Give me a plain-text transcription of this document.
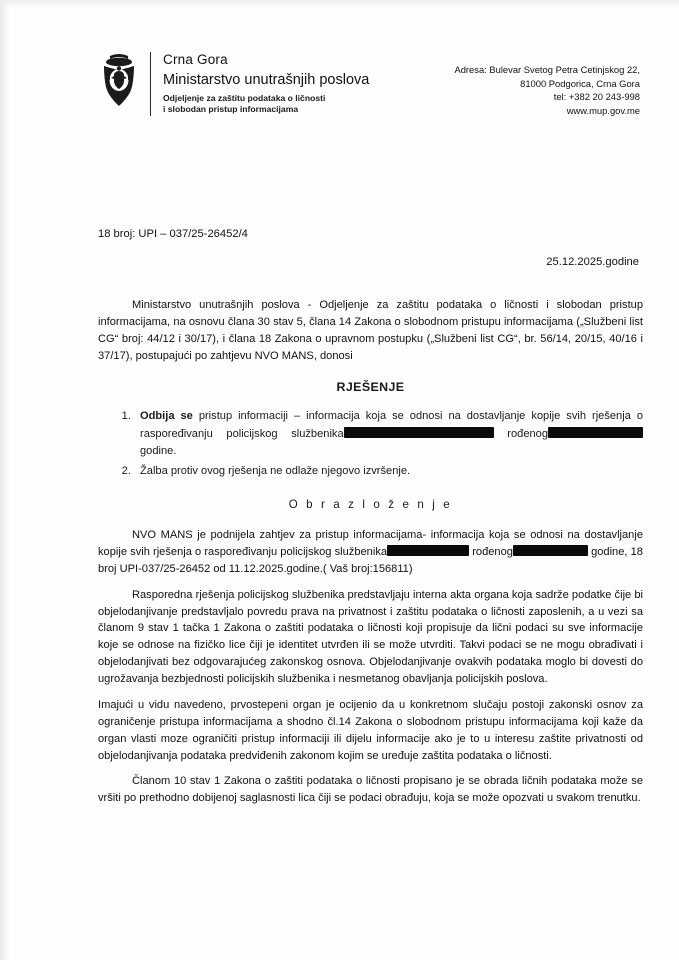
Crna Gora
Ministarstvo unutrašnjih poslova
Odjeljenje za zaštitu podataka o ličnosti
i slobodan pristup informacijama
Adresa: Bulevar Svetog Petra Cetinjskog 22,
81000 Podgorica, Crna Gora
tel: +382 20 243-998
www.mup.gov.me
18 broj: UPI – 037/25-26452/4
25.12.2025.godine

Ministarstvo unutrašnjih poslova - Odjeljenje za zaštitu podataka o ličnosti i slobodan pristup informacijama, na osnovu člana 30 stav 5, člana 14 Zakona o slobodnom pristupu informacijama („Službeni list CG“ broj: 44/12 i 30/17), i člana 18 Zakona o upravnom postupku („Službeni list CG“, br. 56/14, 20/15, 40/16 i 37/17), postupajući po zahtjevu NVO MANS, donosi

RJEŠENJE
1. Odbija se pristup informaciji – informacija koja se odnosi na dostavljanje kopije svih rješenja o raspoređivanju policijskog službenika	rođenoggodine.
2. Žalba protiv ovog rješenja ne odlaže njegovo izvršenje.
O b r a z l o ž e n j e

NVO MANS je podnijela zahtjev za pristup informacijama- informacija koja se odnosi na dostavljanje kopije svih rješenja o raspoređivanju policijskog službenika	rođenog	godine, 18 broj UPI-037/25-26452 od 11.12.2025.godine.( Vaš broj:156811)

Rasporedna rješenja policijskog službenika predstavljaju interna akta organa koja sadrže podatke čije bi objelodanjivanje predstavljalo povredu prava na privatnost i zaštitu podataka o ličnosti zaposlenih, a u vezi sa članom 9 stav 1 tačka 1 Zakona o zaštiti podataka o ličnosti koji propisuje da lični podaci su sve informacije koje se odnose na fizičko lice čiji je identitet utvrđen ili se može utvrditi. Takvi podaci se ne mogu obrađivati i objelodanjivati bez odgovarajućeg zakonskog osnova. Objelodanjivanje ovakvih podataka moglo bi dovesti do ugrožavanja bezbjednosti policijskih službenika i nesmetanog obavljanja policijskih poslova.

Imajući u vidu navedeno, prvostepeni organ je ocijenio da u konkretnom slučaju postoji zakonski osnov za ograničenje pristupa informacijama a shodno čl.14 Zakona o slobodnom pristupu informacijama koji kaže da organ vlasti moze ograničiti pristup informaciji ili dijelu informacije ako je to u interesu zaštite privatnosti od objelodanjivanja podataka predviđenih zakonom kojim se uređuje zaštita podataka o ličnosti.

Članom 10 stav 1 Zakona o zaštiti podataka o ličnosti propisano je se obrada ličnih podataka može se vršiti po prethodno dobijenoj saglasnosti lica čiji se podaci obrađuju, koja se može opozvati u svakom trenutku.
